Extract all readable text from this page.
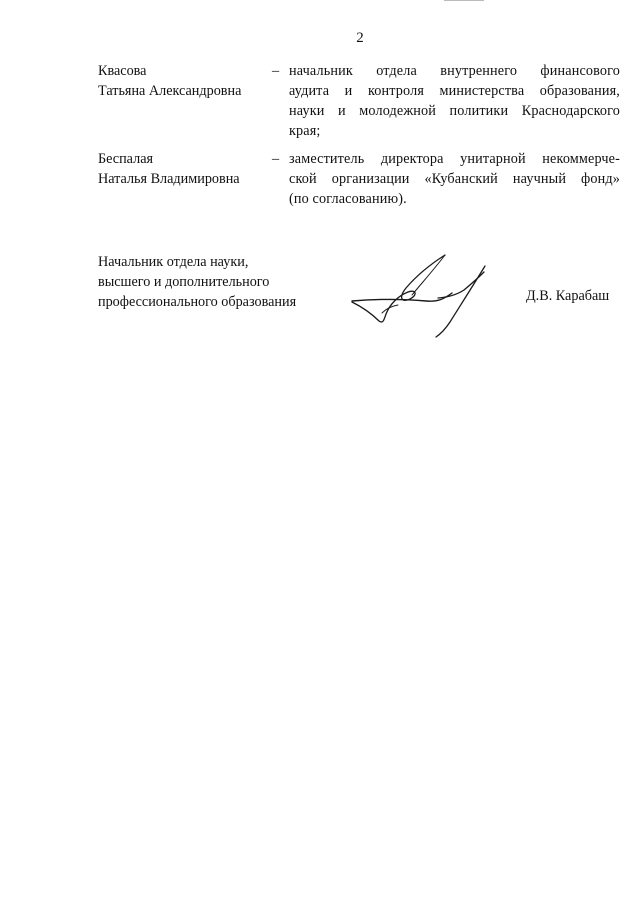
2
Квасова
Татьяна Александровна
– начальник отдела внутреннего финансового
аудита и контроля министерства образования,
науки и молодежной политики Краснодарского
края;
Беспалая
Наталья Владимировна
– заместитель директора унитарной некоммерче-
ской организации «Кубанский научный фонд»
(по согласованию).
Начальник отдела науки,
высшего и дополнительного
профессионального образования	Д.В. Карабаш
